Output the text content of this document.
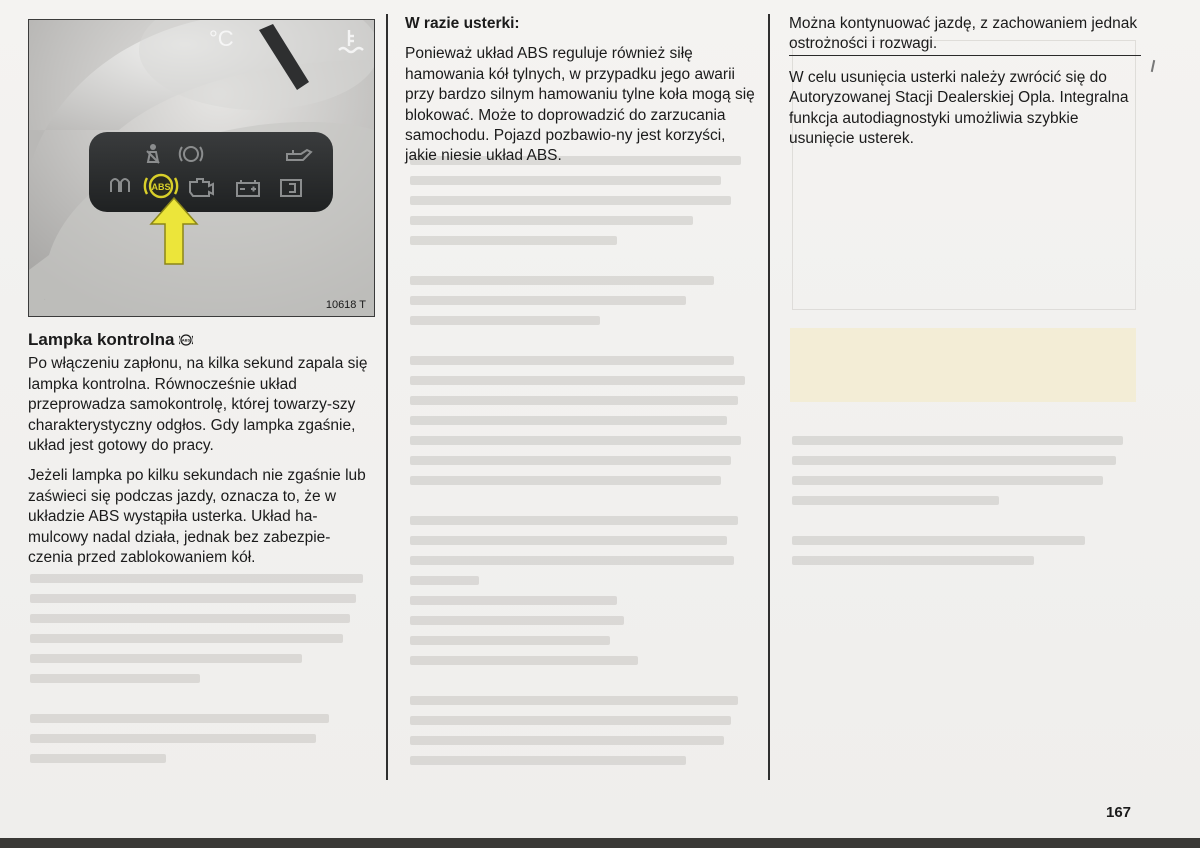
°C
ABS
·	10618 T
Lampka kontrolna ABS

Po włączeniu zapłonu, na kilka sekund zapala się lampka kontrolna. Równocześnie układ przeprowadza samokontrolę, której towarzy-szy charakterystyczny odgłos. Gdy lampka zgaśnie, układ jest gotowy do pracy.

Jeżeli lampka po kilku sekundach nie zgaśnie lub zaświeci się podczas jazdy, oznacza to, że w układzie ABS wystąpiła usterka. Układ ha-mulcowy nadal działa, jednak bez zabezpie-czenia przed zablokowaniem kół.

W razie usterki:

Ponieważ układ ABS reguluje również siłę hamowania kół tylnych, w przypadku jego awarii przy bardzo silnym hamowaniu tylne koła mogą się blokować. Może to doprowadzić do zarzucania samochodu. Pojazd pozbawio-ny jest korzyści, jakie niesie układ ABS.

Można kontynuować jazdę, z zachowaniem jednak ostrożności i rozwagi.

W celu usunięcia usterki należy zwrócić się do Autoryzowanej Stacji Dealerskiej Opla. Integralna funkcja autodiagnostyki umożliwia szybkie usunięcie usterek.

167
